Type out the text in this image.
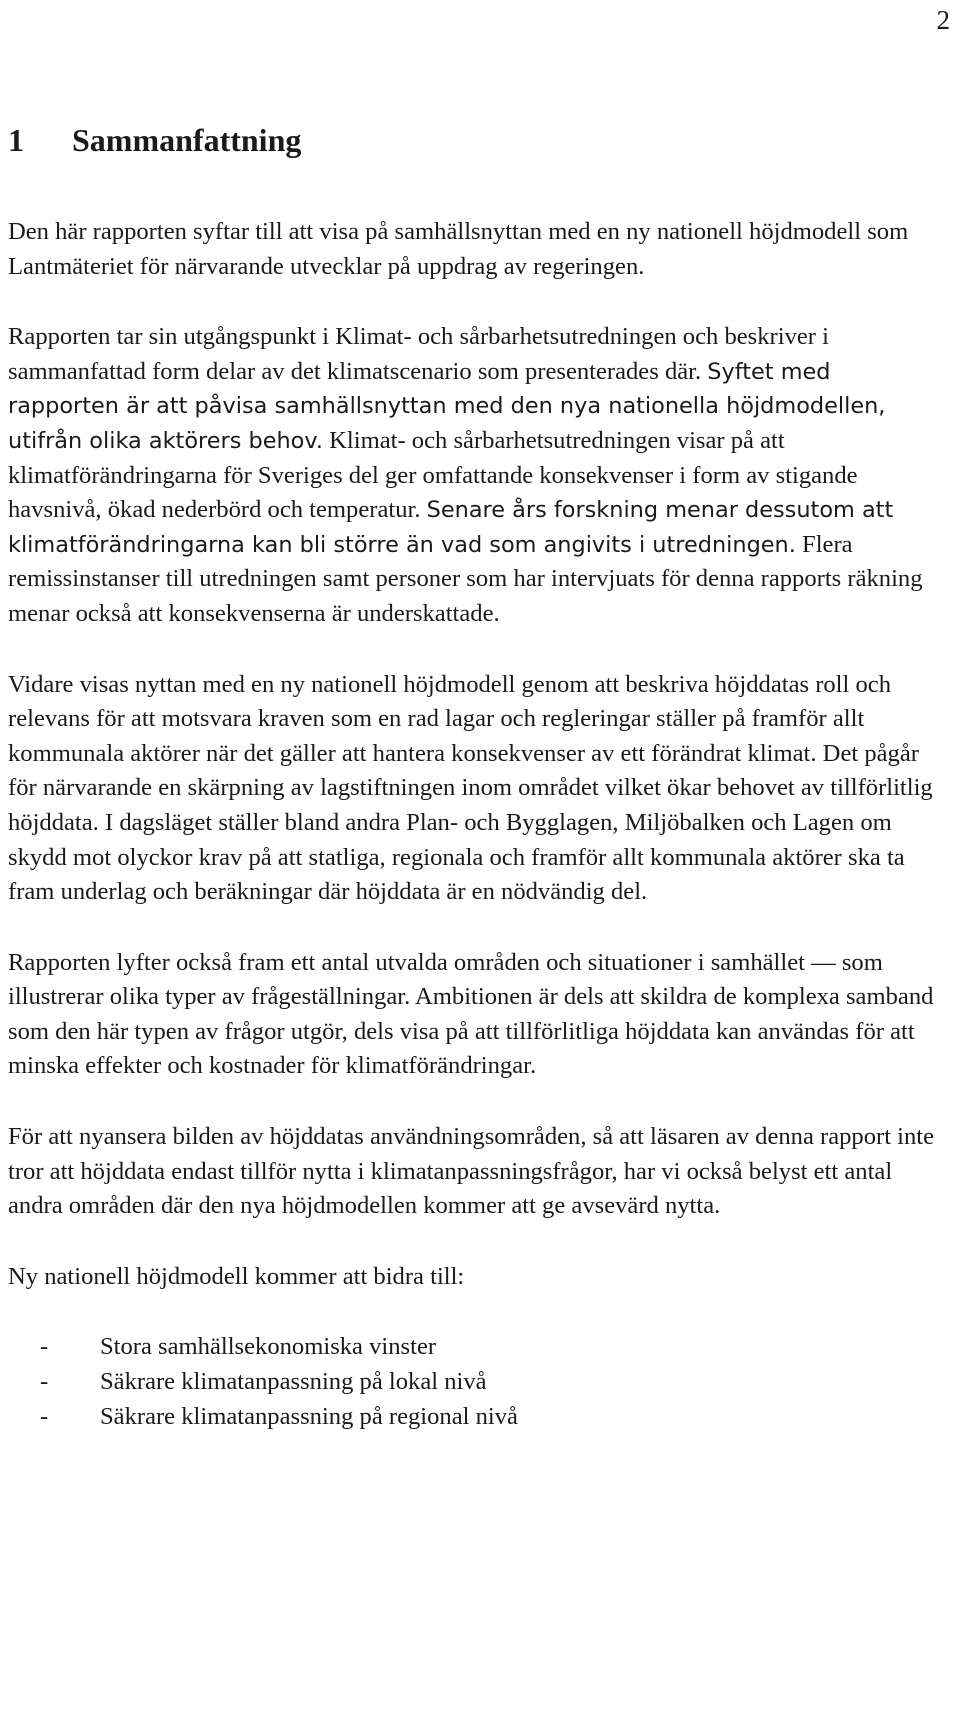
2
1	Sammanfattning

Den här rapporten syftar till att visa på samhällsnyttan med en ny nationell höjdmodell som Lantmäteriet för närvarande utvecklar på uppdrag av regeringen.

Rapporten tar sin utgångspunkt i Klimat- och sårbarhetsutredningen och beskriver i sammanfattad form delar av det klimatscenario som presenterades där. Syftet med rapporten är att påvisa samhällsnyttan med den nya nationella höjdmodellen, utifrån olika aktörers behov. Klimat- och sårbarhetsutredningen visar på att klimatförändringarna för Sveriges del ger omfattande konsekvenser i form av stigande havsnivå, ökad nederbörd och temperatur. Senare års forskning menar dessutom att klimatförändringarna kan bli större än vad som angivits i utredningen. Flera remissinstanser till utredningen samt personer som har intervjuats för denna rapports räkning menar också att konsekvenserna är underskattade.

Vidare visas nyttan med en ny nationell höjdmodell genom att beskriva höjddatas roll och relevans för att motsvara kraven som en rad lagar och regleringar ställer på framför allt kommunala aktörer när det gäller att hantera konsekvenser av ett förändrat klimat. Det pågår för närvarande en skärpning av lagstiftningen inom området vilket ökar behovet av tillförlitlig höjddata. I dagsläget ställer bland andra Plan- och Bygglagen, Miljöbalken och Lagen om skydd mot olyckor krav på att statliga, regionala och framför allt kommunala aktörer ska ta fram underlag och beräkningar där höjddata är en nödvändig del.

Rapporten lyfter också fram ett antal utvalda områden och situationer i samhället — som illustrerar olika typer av frågeställningar. Ambitionen är dels att skildra de komplexa samband som den här typen av frågor utgör, dels visa på att tillförlitliga höjddata kan användas för att minska effekter och kostnader för klimatförändringar.

För att nyansera bilden av höjddatas användningsområden, så att läsaren av denna rapport inte tror att höjddata endast tillför nytta i klimatanpassningsfrågor, har vi också belyst ett antal andra områden där den nya höjdmodellen kommer att ge avsevärd nytta.

Ny nationell höjdmodell kommer att bidra till:

-	Stora samhällsekonomiska vinster
-	Säkrare klimatanpassning på lokal nivå
-	Säkrare klimatanpassning på regional nivå
